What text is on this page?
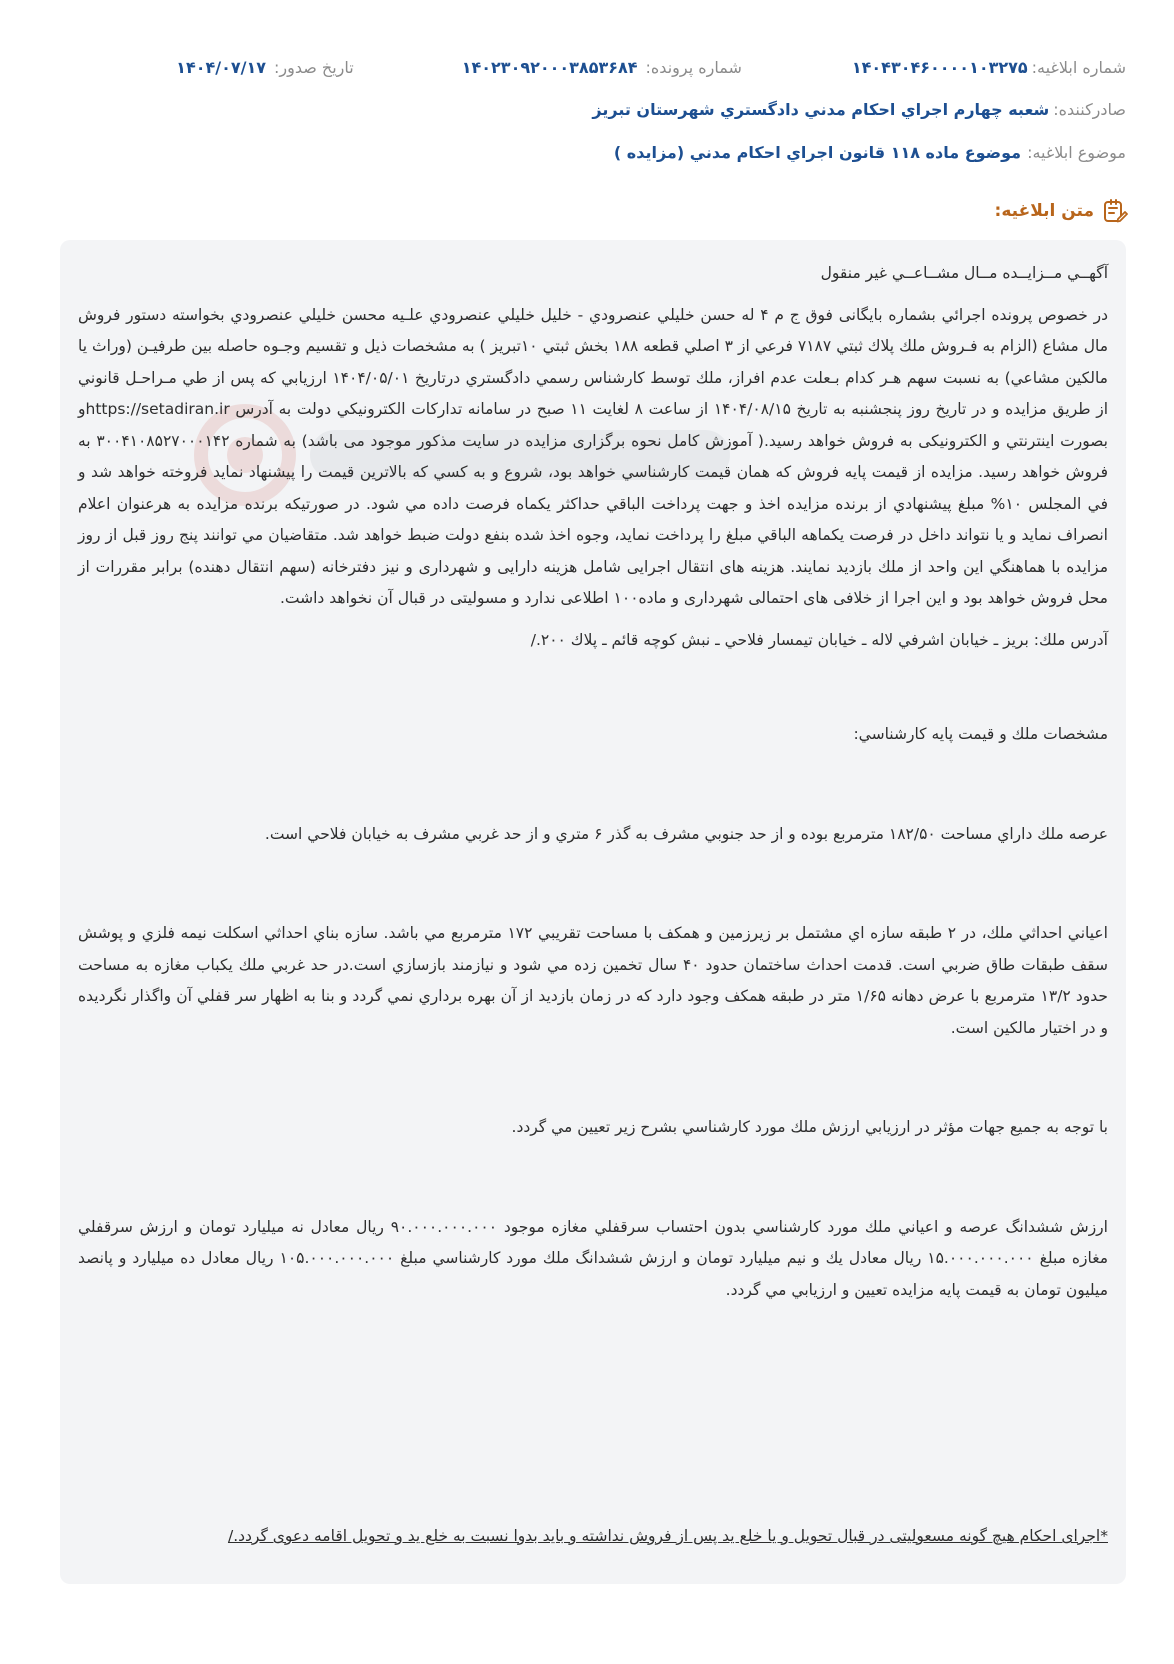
شماره ابلاغيه:
۱۴۰۴۳۰۴۶۰۰۰۰۱۰۳۲۷۵
شماره پرونده:
۱۴۰۲۳۰۹۲۰۰۰۳۸۵۳۶۸۴
تاريخ صدور:
۱۴۰۴/۰۷/۱۷
صادرکننده:
شعبه چهارم اجراي احكام مدني دادگستري شهرستان تبريز
موضوع ابلاغيه:
موضوع ماده ۱۱۸ قانون اجراي احكام مدني (مزايده )
متن ابلاغيه:

آگهــي مــزايــده مــال مشــاعــي غير منقول

در خصوص پرونده اجرائي بشماره بايگانی فوق ج م ۴ له حسن خليلي عنصرودي - خليل خليلي عنصرودي علـيه محسن خليلي عنصرودي بخواسته دستور فروش مال مشاع (الزام به فـروش ملك پلاك ثبتي ۷۱۸۷ فرعي از ۳ اصلي قطعه ۱۸۸ بخش ثبتي ۱۰تبريز ) به مشخصات ذيل و تقسيم وجـوه حاصله بين طرفيـن (وراث يا مالكين مشاعي) به نسبت سهم هـر كدام بـعلت عدم افراز، ملك توسط كارشناس رسمي دادگستري درتاريخ ۱۴۰۴/۰۵/۰۱ ارزيابي كه پس از طي مـراحـل قانوني از طريق مزايده و در تاريخ روز پنجشنبه به تاريخ ۱۴۰۴/۰۸/۱۵ از ساعت ۸ لغايت ۱۱ صبح در سامانه تداركات الكترونيكي دولت به آدرس https://setadiran.irو بصورت اينترنتي و الکترونیکی به فروش خواهد رسيد.( آموزش کامل نحوه برگزاری مزايده در سايت مذکور موجود می باشد) به شماره ۳۰۰۴۱۰۸۵۲۷۰۰۰۱۴۲ به فروش خواهد رسيد. مزايده از قيمت پايه فروش كه همان قيمت كارشناسي خواهد بود، شروع و به كسي كه بالاترين قيمت را پيشنهاد نمايد فروخته خواهد شد و في المجلس ۱۰% مبلغ پيشنهادي از برنده مزايده اخذ و جهت پرداخت الباقي حداكثر يكماه فرصت داده مي شود. در صورتيكه برنده مزايده به هرعنوان اعلام انصراف نمايد و يا نتواند داخل در فرصت يكماهه الباقي مبلغ را پرداخت نمايد، وجوه اخذ شده بنفع دولت ضبط خواهد شد. متقاضيان مي توانند پنج روز قبل از روز مزايده با هماهنگي اين واحد از ملك بازديد نمايند. هزينه های انتقال اجرایی شامل هزينه دارايی و شهرداری و نیز دفترخانه (سهم انتقال دهنده) برابر مقررات از محل فروش خواهد بود و این اجرا از خلافی های احتمالی شهرداری و ماده۱۰۰ اطلاعی ندارد و مسولیتی در قبال آن نخواهد داشت.

آدرس ملك: بريز ـ خيابان اشرفي لاله ـ خيابان تيمسار فلاحي ـ نبش كوچه قائم ـ پلاك ۲۰۰./

مشخصات ملك و قيمت پايه كارشناسي:

عرصه ملك داراي مساحت ۱۸۲/۵۰ مترمربع بوده و از حد جنوبي مشرف به گذر ۶ متري و از حد غربي مشرف به خيابان فلاحي است.

اعياني احداثي ملك، در ۲ طبقه سازه اي مشتمل بر زيرزمين و همكف با مساحت تقريبي ۱۷۲ مترمربع مي باشد. سازه بناي احداثي اسكلت نيمه فلزي و پوشش سقف طبقات طاق ضربي است. قدمت احداث ساختمان حدود ۴۰ سال تخمين زده مي شود و نيازمند بازسازي است.در حد غربي ملك يكباب مغازه به مساحت حدود ۱۳/۲ مترمربع با عرض دهانه ۱/۶۵ متر در طبقه همكف وجود دارد كه در زمان بازديد از آن بهره برداري نمي گردد و بنا به اظهار سر قفلي آن واگذار نگرديده و در اختيار مالكين است.

با توجه به جميع جهات مؤثر در ارزيابي ارزش ملك مورد كارشناسي بشرح زير تعيين مي گردد.

ارزش ششدانگ عرصه و اعياني ملك مورد كارشناسي بدون احتساب سرقفلي مغازه موجود ۹۰.۰۰۰.۰۰۰.۰۰۰ ريال معادل نه ميليارد تومان و ارزش سرقفلي مغازه مبلغ ۱۵.۰۰۰.۰۰۰.۰۰۰ ريال معادل يك و نيم ميليارد تومان و ارزش ششدانگ ملك مورد كارشناسي مبلغ ۱۰۵.۰۰۰.۰۰۰.۰۰۰ ريال معادل ده ميليارد و پانصد ميليون تومان به قيمت پايه مزايده تعيين و ارزيابي مي گردد.

*اجرای احکام هیچ گونه مسعولیتی در قبال تحویل و یا خلع ید پس از فروش نداشته و باید بدوا نسبت به خلع ید و تحویل اقامه دعوی گردد./
